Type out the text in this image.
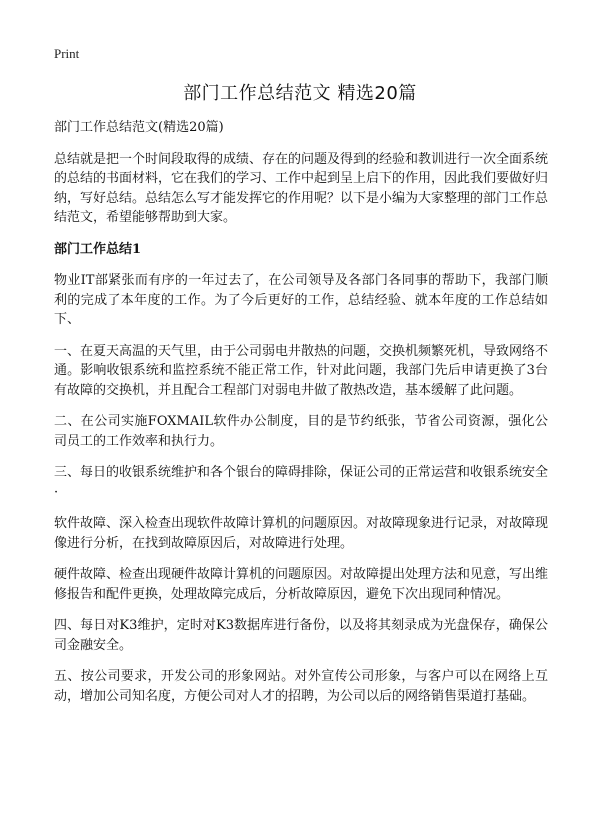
Print
部门工作总结范文 精选20篇

部门工作总结范文(精选20篇)

总结就是把一个时间段取得的成绩、存在的问题及得到的经验和教训进行一次全面系统的总结的书面材料，它在我们的学习、工作中起到呈上启下的作用，因此我们要做好归纳，写好总结。总结怎么写才能发挥它的作用呢？以下是小编为大家整理的部门工作总结范文，希望能够帮助到大家。

部门工作总结1

物业IT部紧张而有序的一年过去了，在公司领导及各部门各同事的帮助下，我部门顺利的完成了本年度的工作。为了今后更好的工作，总结经验、就本年度的工作总结如下、

一、在夏天高温的天气里，由于公司弱电井散热的问题，交换机频繁死机，导致网络不通。影响收银系统和监控系统不能正常工作，针对此问题，我部门先后申请更换了3台有故障的交换机，并且配合工程部门对弱电井做了散热改造，基本缓解了此问题。

二、在公司实施FOXMAIL软件办公制度，目的是节约纸张，节省公司资源，强化公司员工的工作效率和执行力。

三、每日的收银系统维护和各个银台的障碍排除，保证公司的正常运营和收银系统安全·

软件故障、深入检查出现软件故障计算机的问题原因。对故障现象进行记录，对故障现像进行分析，在找到故障原因后，对故障进行处理。

硬件故障、检查出现硬件故障计算机的问题原因。对故障提出处理方法和见意，写出维修报告和配件更换，处理故障完成后，分析故障原因，避免下次出现同种情况。

四、每日对K3维护，定时对K3数据库进行备份，以及将其刻录成为光盘保存，确保公司金融安全。

五、按公司要求，开发公司的形象网站。对外宣传公司形象，与客户可以在网络上互动，增加公司知名度，方便公司对人才的招聘，为公司以后的网络销售渠道打基础。
